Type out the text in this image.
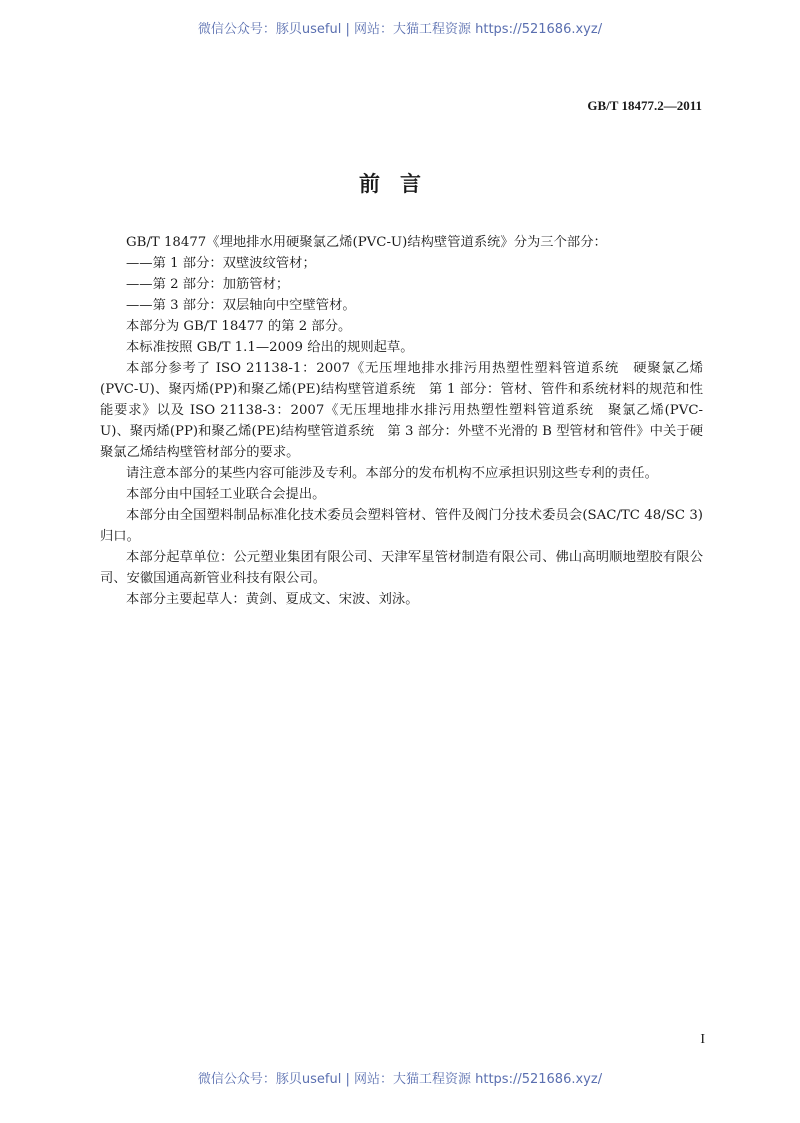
微信公众号：豚贝useful | 网站：大猫工程资源 https://521686.xyz/
GB/T 18477.2—2011
前言

GB/T 18477《埋地排水用硬聚氯乙烯(PVC-U)结构壁管道系统》分为三个部分：

——第 1 部分：双壁波纹管材；

——第 2 部分：加筋管材；

——第 3 部分：双层轴向中空壁管材。

本部分为 GB/T 18477 的第 2 部分。

本标准按照 GB/T 1.1—2009 给出的规则起草。

本部分参考了 ISO 21138-1：2007《无压埋地排水排污用热塑性塑料管道系统　硬聚氯乙烯(PVC-U)、聚丙烯(PP)和聚乙烯(PE)结构壁管道系统　第 1 部分：管材、管件和系统材料的规范和性能要求》以及 ISO 21138-3：2007《无压埋地排水排污用热塑性塑料管道系统　聚氯乙烯(PVC-U)、聚丙烯(PP)和聚乙烯(PE)结构壁管道系统　第 3 部分：外壁不光滑的 B 型管材和管件》中关于硬聚氯乙烯结构壁管材部分的要求。

请注意本部分的某些内容可能涉及专利。本部分的发布机构不应承担识别这些专利的责任。

本部分由中国轻工业联合会提出。

本部分由全国塑料制品标准化技术委员会塑料管材、管件及阀门分技术委员会(SAC/TC 48/SC 3)归口。

本部分起草单位：公元塑业集团有限公司、天津军星管材制造有限公司、佛山高明顺地塑胶有限公司、安徽国通高新管业科技有限公司。

本部分主要起草人：黄剑、夏成文、宋波、刘泳。

I
微信公众号：豚贝useful | 网站：大猫工程资源 https://521686.xyz/
